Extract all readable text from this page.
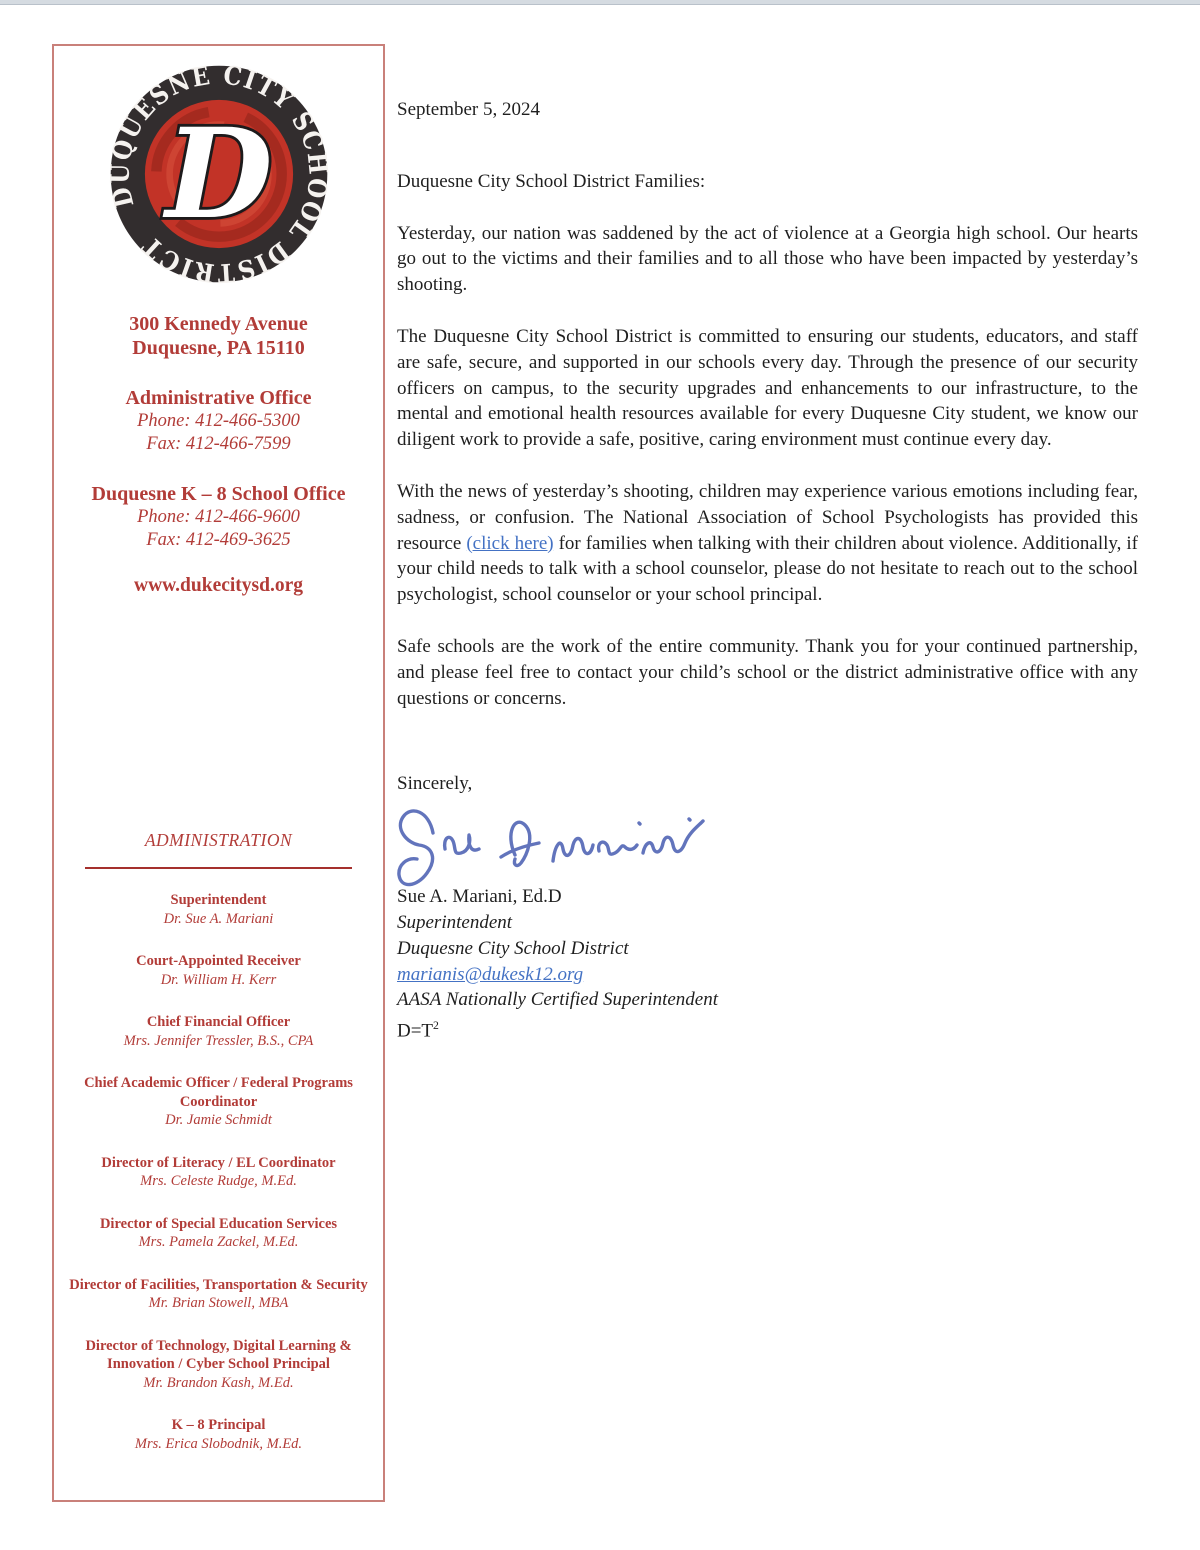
DUQUESNE CITY SCHOOL DISTRICT
D
300 Kennedy Avenue
Duquesne, PA 15110
Administrative Office
Phone: 412-466-5300
Fax: 412-466-7599
Duquesne K – 8 School Office
Phone: 412-466-9600
Fax: 412-469-3625
www.dukecitysd.org
ADMINISTRATION
Superintendent
Dr. Sue A. Mariani
Court-Appointed Receiver
Dr. William H. Kerr
Chief Financial Officer
Mrs. Jennifer Tressler, B.S., CPA
Chief Academic Officer / Federal Programs Coordinator
Dr. Jamie Schmidt
Director of Literacy / EL Coordinator
Mrs. Celeste Rudge, M.Ed.
Director of Special Education Services
Mrs. Pamela Zackel, M.Ed.
Director of Facilities, Transportation & Security
Mr. Brian Stowell, MBA
Director of Technology, Digital Learning & Innovation / Cyber School Principal
Mr. Brandon Kash, M.Ed.
K – 8 Principal
Mrs. Erica Slobodnik, M.Ed.
September 5, 2024
Duquesne City School District Families:

Yesterday, our nation was saddened by the act of violence at a Georgia high school. Our hearts go out to the victims and their families and to all those who have been impacted by yesterday’s shooting.

The Duquesne City School District is committed to ensuring our students, educators, and staff are safe, secure, and supported in our schools every day. Through the presence of our security officers on campus, to the security upgrades and enhancements to our infrastructure, to the mental and emotional health resources available for every Duquesne City student, we know our diligent work to provide a safe, positive, caring environment must continue every day.

With the news of yesterday’s shooting, children may experience various emotions including fear, sadness, or confusion. The National Association of School Psychologists has provided this resource (click here) for families when talking with their children about violence. Additionally, if your child needs to talk with a school counselor, please do not hesitate to reach out to the school psychologist, school counselor or your school principal.

Safe schools are the work of the entire community. Thank you for your continued partnership, and please feel free to contact your child’s school or the district administrative office with any questions or concerns.

Sincerely,
Sue A. Mariani, Ed.D
Superintendent
Duquesne City School District
marianis@dukesk12.org
AASA Nationally Certified Superintendent
$D=T^2$
